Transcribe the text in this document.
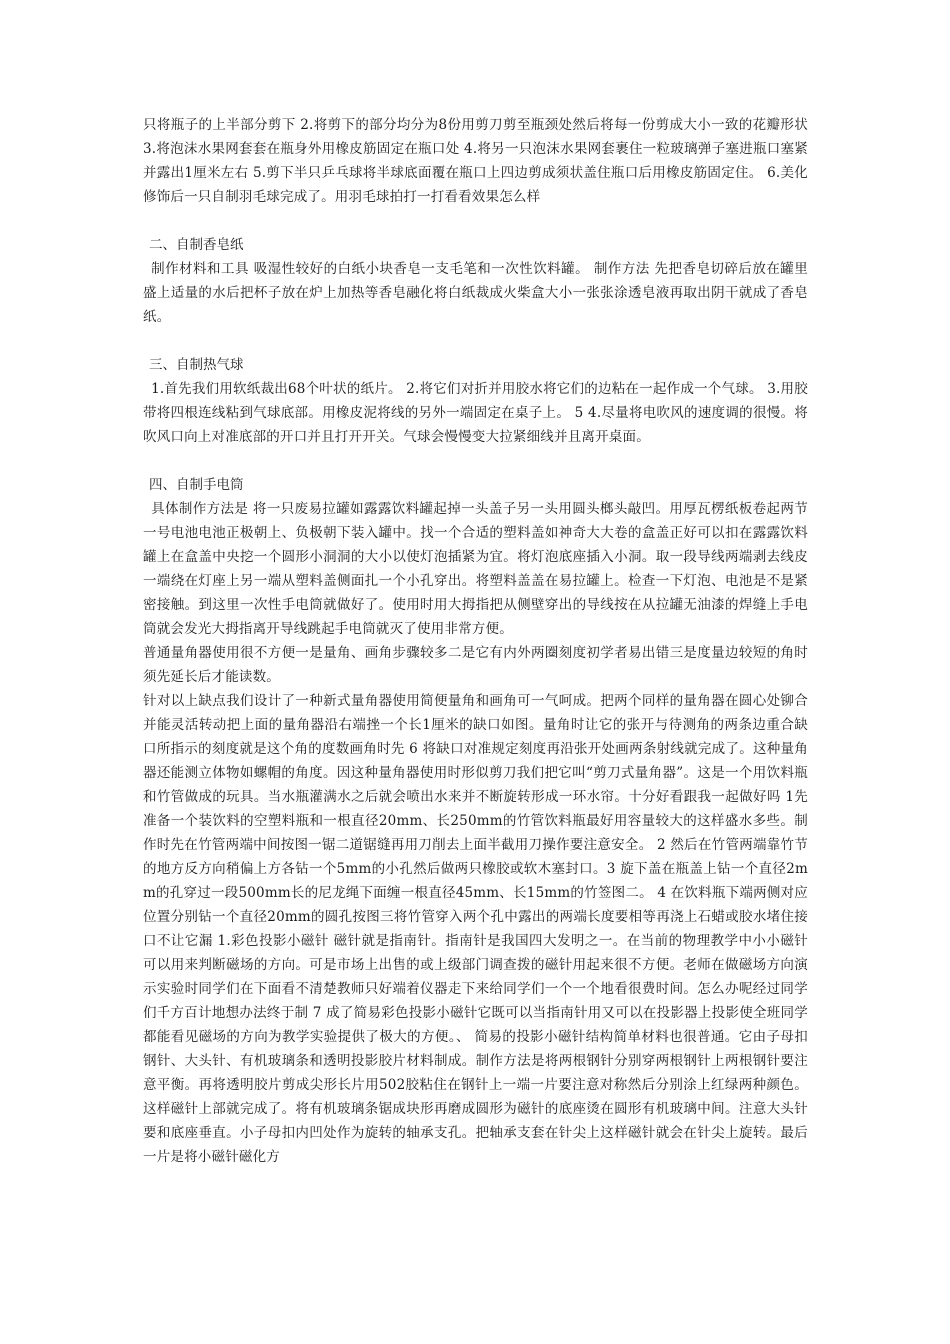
只将瓶子的上半部分剪下 2.将剪下的部分均分为8份用剪刀剪至瓶颈处然后将每一份剪成大小一致的花瓣形状 3.将泡沫水果网套套在瓶身外用橡皮筋固定在瓶口处 4.将另一只泡沫水果网套裹住一粒玻璃弹子塞进瓶口塞紧并露出1厘米左右 5.剪下半只乒乓球将半球底面覆在瓶口上四边剪成须状盖住瓶口后用橡皮筋固定住。 6.美化修饰后一只自制羽毛球完成了。用羽毛球拍打一打看看效果怎么样

二、自制香皂纸

制作材料和工具 吸湿性较好的白纸小块香皂一支毛笔和一次性饮料罐。 制作方法 先把香皂切碎后放在罐里盛上适量的水后把杯子放在炉上加热等香皂融化将白纸裁成火柴盒大小一张张涂透皂液再取出阴干就成了香皂纸。

三、自制热气球

1.首先我们用软纸裁出68个叶状的纸片。 2.将它们对折并用胶水将它们的边粘在一起作成一个气球。 3.用胶带将四根连线粘到气球底部。用橡皮泥将线的另外一端固定在桌子上。 5 4.尽量将电吹风的速度调的很慢。将吹风口向上对准底部的开口并且打开开关。气球会慢慢变大拉紧细线并且离开桌面。

四、自制手电筒

具体制作方法是 将一只废易拉罐如露露饮料罐起掉一头盖子另一头用圆头榔头敲凹。用厚瓦楞纸板卷起两节一号电池电池正极朝上、负极朝下装入罐中。找一个合适的塑料盖如神奇大大卷的盒盖正好可以扣在露露饮料罐上在盒盖中央挖一个圆形小洞洞的大小以使灯泡插紧为宜。将灯泡底座插入小洞。取一段导线两端剥去线皮一端绕在灯座上另一端从塑料盖侧面扎一个小孔穿出。将塑料盖盖在易拉罐上。检查一下灯泡、电池是不是紧密接触。到这里一次性手电筒就做好了。使用时用大拇指把从侧壁穿出的导线按在从拉罐无油漆的焊缝上手电筒就会发光大拇指离开导线跳起手电筒就灭了使用非常方便。

普通量角器使用很不方便一是量角、画角步骤较多二是它有内外两圈刻度初学者易出错三是度量边较短的角时须先延长后才能读数。

针对以上缺点我们设计了一种新式量角器使用简便量角和画角可一气呵成。把两个同样的量角器在圆心处铆合并能灵活转动把上面的量角器沿右端挫一个长1厘米的缺口如图。量角时让它的张开与待测角的两条边重合缺口所指示的刻度就是这个角的度数画角时先 6 将缺口对准规定刻度再沿张开处画两条射线就完成了。这种量角器还能测立体物如螺帽的角度。因这种量角器使用时形似剪刀我们把它叫“剪刀式量角器”。这是一个用饮料瓶和竹管做成的玩具。当水瓶灌满水之后就会喷出水来并不断旋转形成一环水帘。十分好看跟我一起做好吗 1先准备一个装饮料的空塑料瓶和一根直径20mm、长250mm的竹管饮料瓶最好用容量较大的这样盛水多些。制作时先在竹管两端中间按图一锯二道锯缝再用刀削去上面半截用刀操作要注意安全。 2 然后在竹管两端靠竹节的地方反方向稍偏上方各钻一个5mm的小孔然后做两只橡胶或软木塞封口。3 旋下盖在瓶盖上钻一个直径2mm的孔穿过一段500mm长的尼龙绳下面缠一根直径45mm、长15mm的竹签图二。 4 在饮料瓶下端两侧对应位置分别钻一个直径20mm的圆孔按图三将竹管穿入两个孔中露出的两端长度要相等再浇上石蜡或胶水堵住接口不让它漏 1.彩色投影小磁针 磁针就是指南针。指南针是我国四大发明之一。在当前的物理教学中小小磁针可以用来判断磁场的方向。可是市场上出售的或上级部门调查拨的磁针用起来很不方便。老师在做磁场方向演示实验时同学们在下面看不清楚教师只好端着仪器走下来给同学们一个一个地看很费时间。怎么办呢经过同学们千方百计地想办法终于制 7 成了简易彩色投影小磁针它既可以当指南针用又可以在投影器上投影使全班同学都能看见磁场的方向为教学实验提供了极大的方便。、 简易的投影小磁针结构简单材料也很普通。它由子母扣钢针、大头针、有机玻璃条和透明投影胶片材料制成。制作方法是将两根钢针分别穿两根钢针上两根钢针要注意平衡。再将透明胶片剪成尖形长片用502胶粘住在钢针上一端一片要注意对称然后分别涂上红绿两种颜色。这样磁针上部就完成了。将有机玻璃条锯成块形再磨成圆形为磁针的底座烫在圆形有机玻璃中间。注意大头针要和底座垂直。小子母扣内凹处作为旋转的轴承支孔。把轴承支套在针尖上这样磁针就会在针尖上旋转。最后一片是将小磁针磁化方
